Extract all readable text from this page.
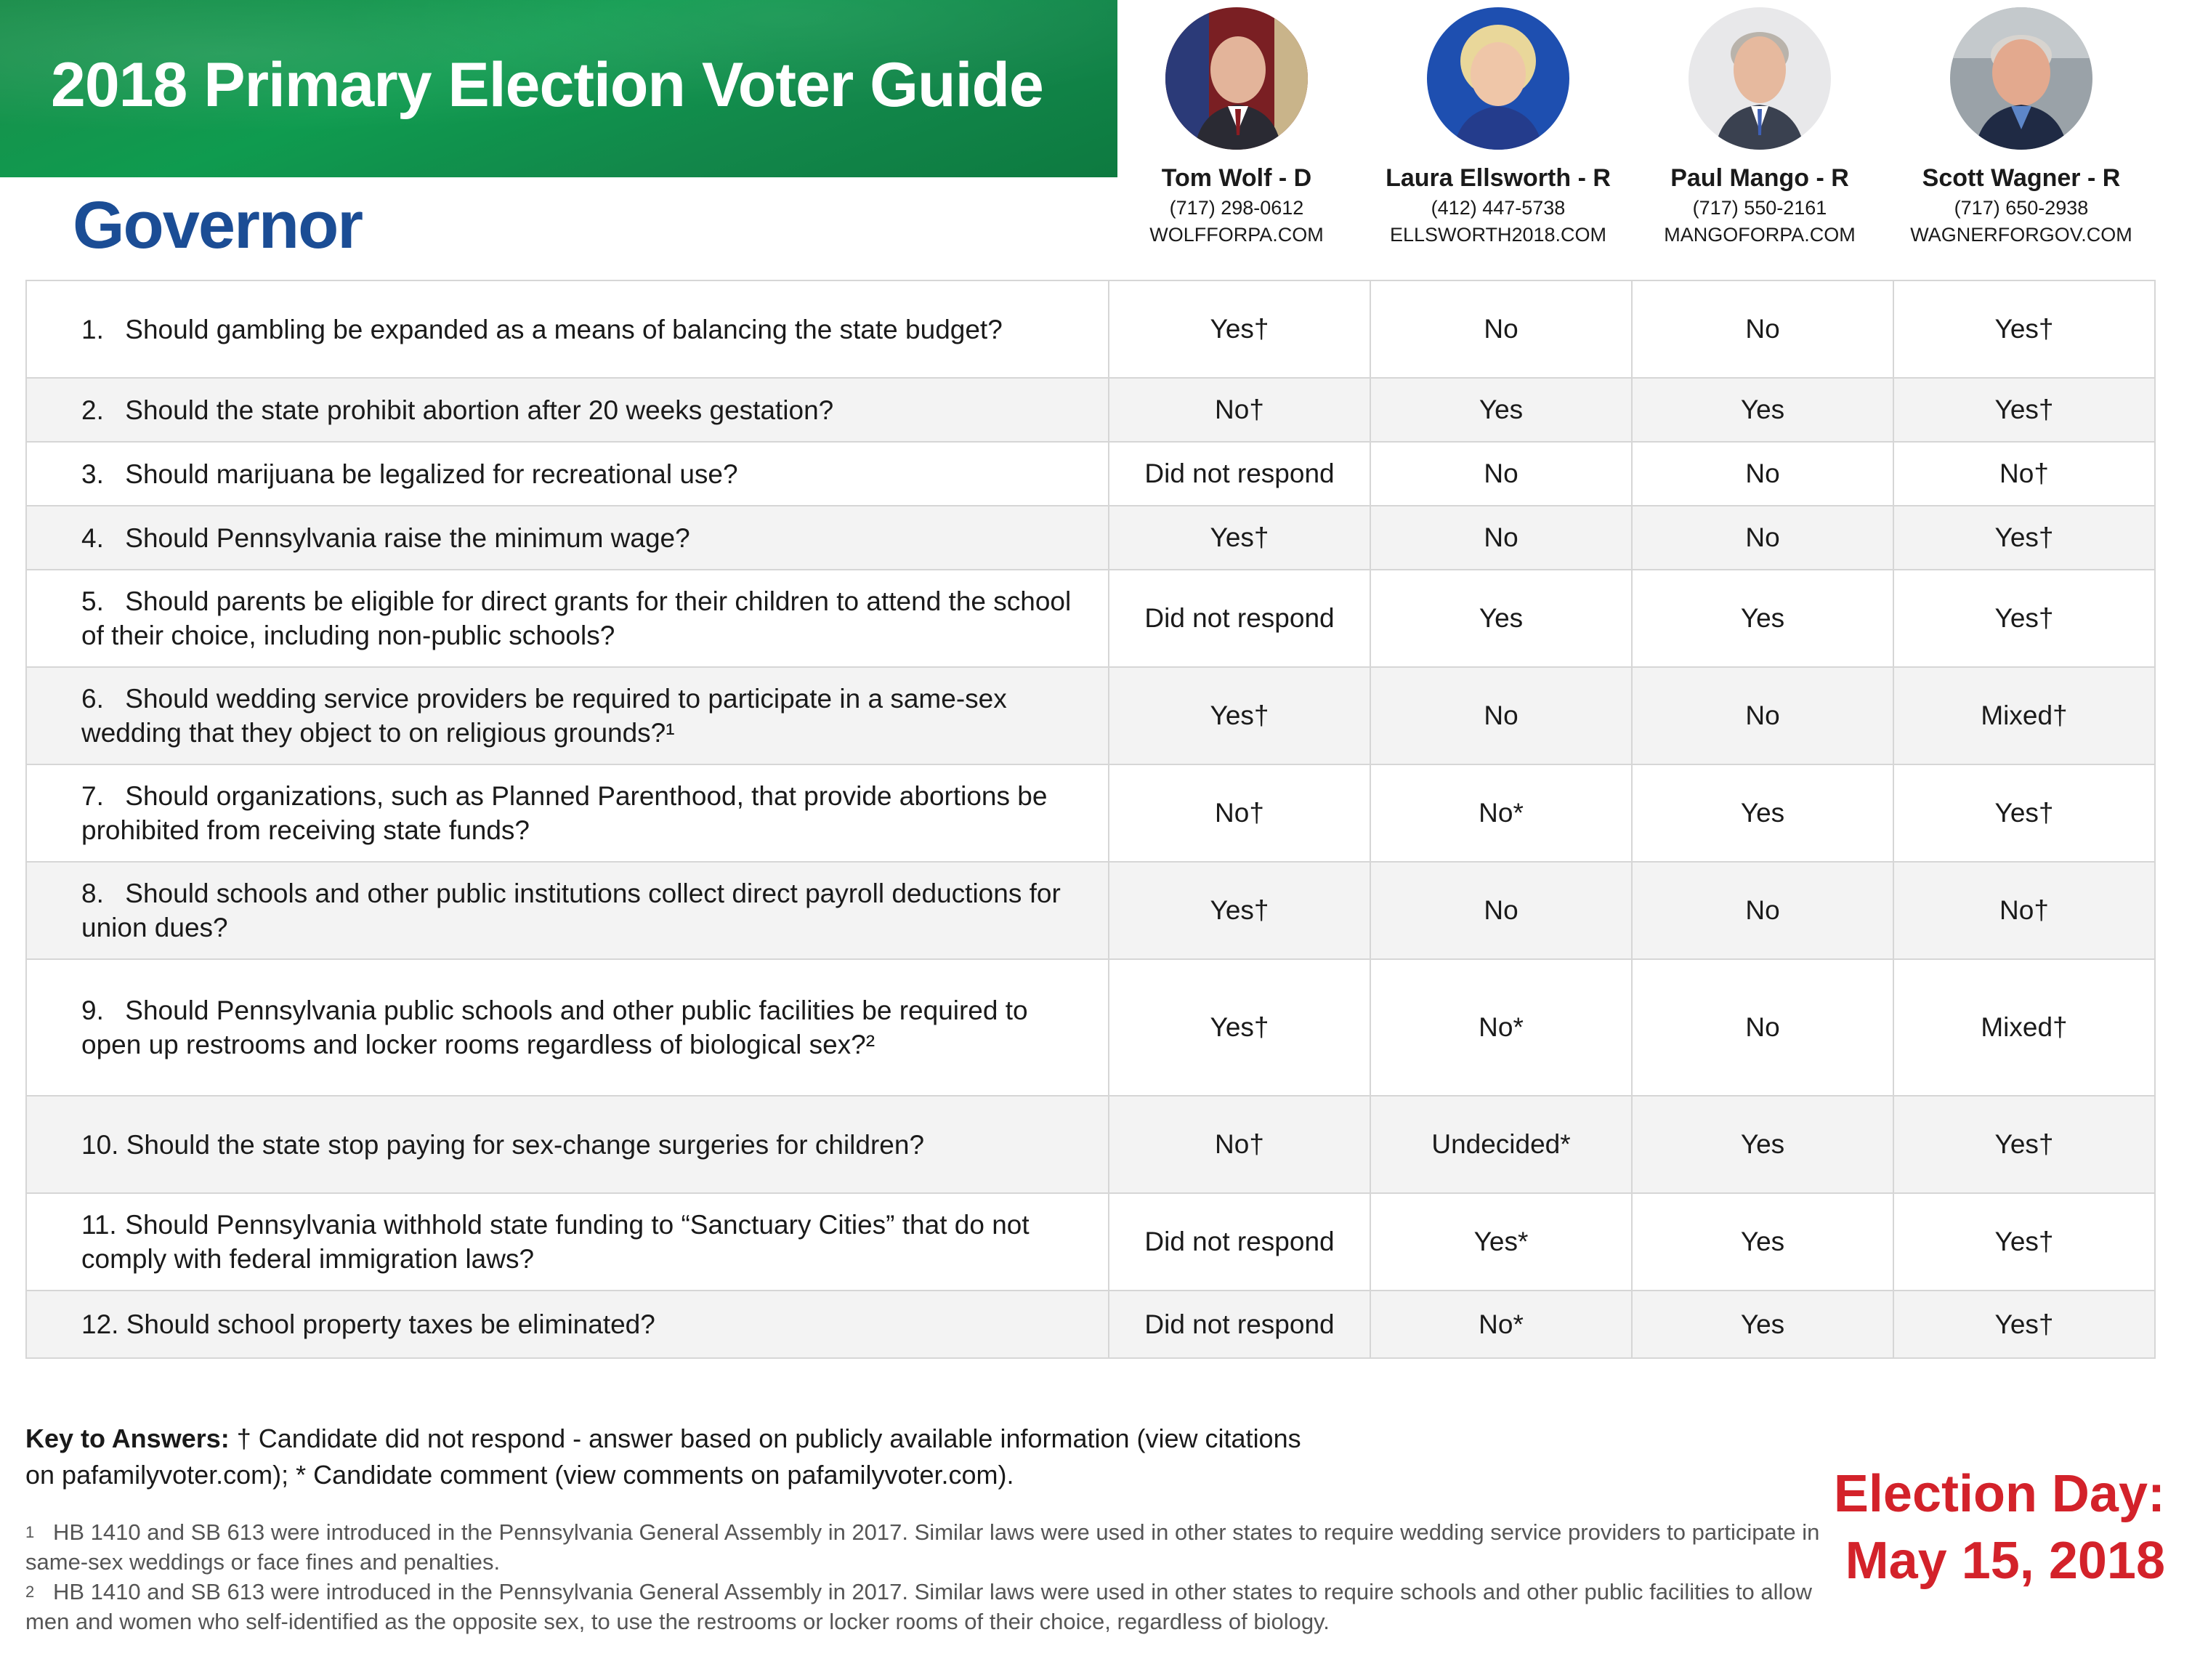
2018 Primary Election Voter Guide
Governor
Tom Wolf - D
(717) 298-0612
WOLFFORPA.COM
Laura Ellsworth - R
(412) 447-5738
ELLSWORTH2018.COM
Paul Mango - R
(717) 550-2161
MANGOFORPA.COM
Scott Wagner - R
(717) 650-2938
WAGNERFORGOV.COM
1. Should gambling be expanded as a means of balancing the state budget?	Yes†	No	No	Yes†
2. Should the state prohibit abortion after 20 weeks gestation?	No†	Yes	Yes	Yes†
3. Should marijuana be legalized for recreational use?	Did not respond	No	No	No†
4. Should Pennsylvania raise the minimum wage?	Yes†	No	No	Yes†
5. Should parents be eligible for direct grants for their children to attend the school of their choice, including non-public schools?	Did not respond	Yes	Yes	Yes†
6. Should wedding service providers be required to participate in a same-sex wedding that they object to on religious grounds?¹	Yes†	No	No	Mixed†
7. Should organizations, such as Planned Parenthood, that provide abortions be prohibited from receiving state funds?	No†	No*	Yes	Yes†
8. Should schools and other public institutions collect direct payroll deductions for union dues?	Yes†	No	No	No†
9. Should Pennsylvania public schools and other public facilities be required to open up restrooms and locker rooms regardless of biological sex?²	Yes†	No*	No	Mixed†
10. Should the state stop paying for sex-change surgeries for children?	No†	Undecided*	Yes	Yes†
11. Should Pennsylvania withhold state funding to “Sanctuary Cities” that do not comply with federal immigration laws?	Did not respond	Yes*	Yes	Yes†
12. Should school property taxes be eliminated?	Did not respond	No*	Yes	Yes†
Key to Answers: † Candidate did not respond - answer based on publicly available information (view citations on pafamilyvoter.com); * Candidate comment (view comments on pafamilyvoter.com).
1 HB 1410 and SB 613 were introduced in the Pennsylvania General Assembly in 2017. Similar laws were used in other states to require wedding service providers to participate in same-sex weddings or face fines and penalties.
2 HB 1410 and SB 613 were introduced in the Pennsylvania General Assembly in 2017. Similar laws were used in other states to require schools and other public facilities to allow men and women who self-identified as the opposite sex, to use the restrooms or locker rooms of their choice, regardless of biology.
Election Day:
May 15, 2018
